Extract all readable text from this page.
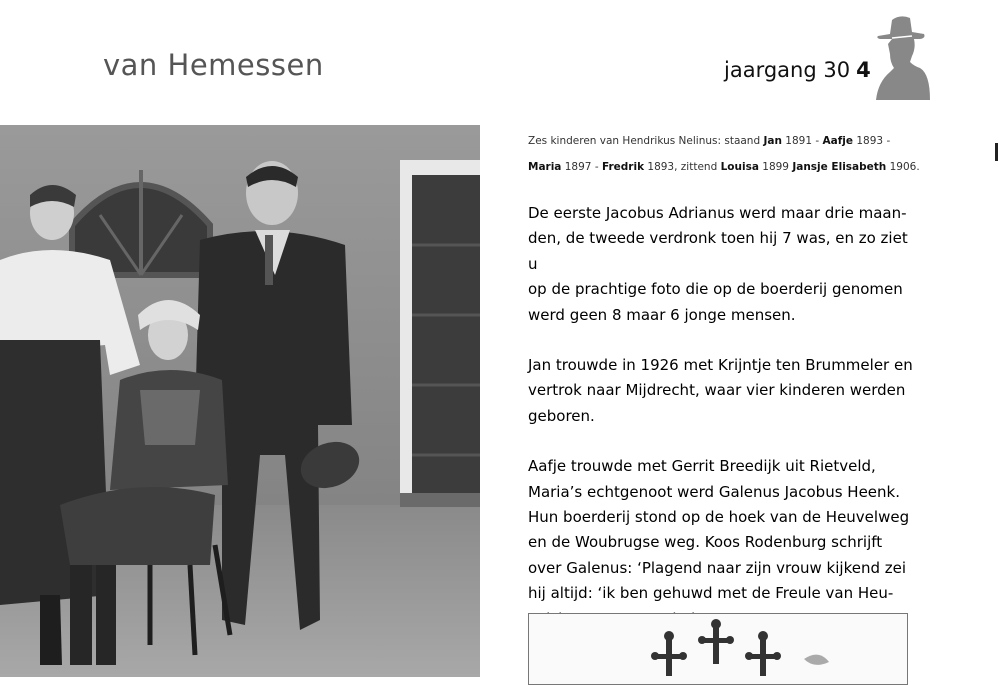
van Hemessen	jaargang 30 4
Zes kinderen van Hendrikus Nelinus: staand Jan 1891 - Aafje 1893 -
Maria 1897 - Fredrik 1893, zittend Louisa 1899 Jansje Elisabeth 1906.

De eerste Jacobus Adrianus werd maar drie maan-
den, de tweede verdronk toen hij 7 was, en zo ziet u
op de prachtige foto die op de boerderij genomen
werd geen 8 maar 6 jonge mensen.

Jan trouwde in 1926 met Krijntje ten Brummeler en
vertrok naar Mijdrecht, waar vier kinderen werden
geboren.

Aafje trouwde met Gerrit Breedijk uit Rietveld,
Maria’s echtgenoot werd Galenus Jacobus Heenk.
Hun boerderij stond op de hoek van de Heuvelweg
en de Woubrugse weg. Koos Rodenburg schrijft
over Galenus: ‘Plagend naar zijn vrouw kijkend zei
hij altijd: ‘ik ben gehuwd met de Freule van Heu-
